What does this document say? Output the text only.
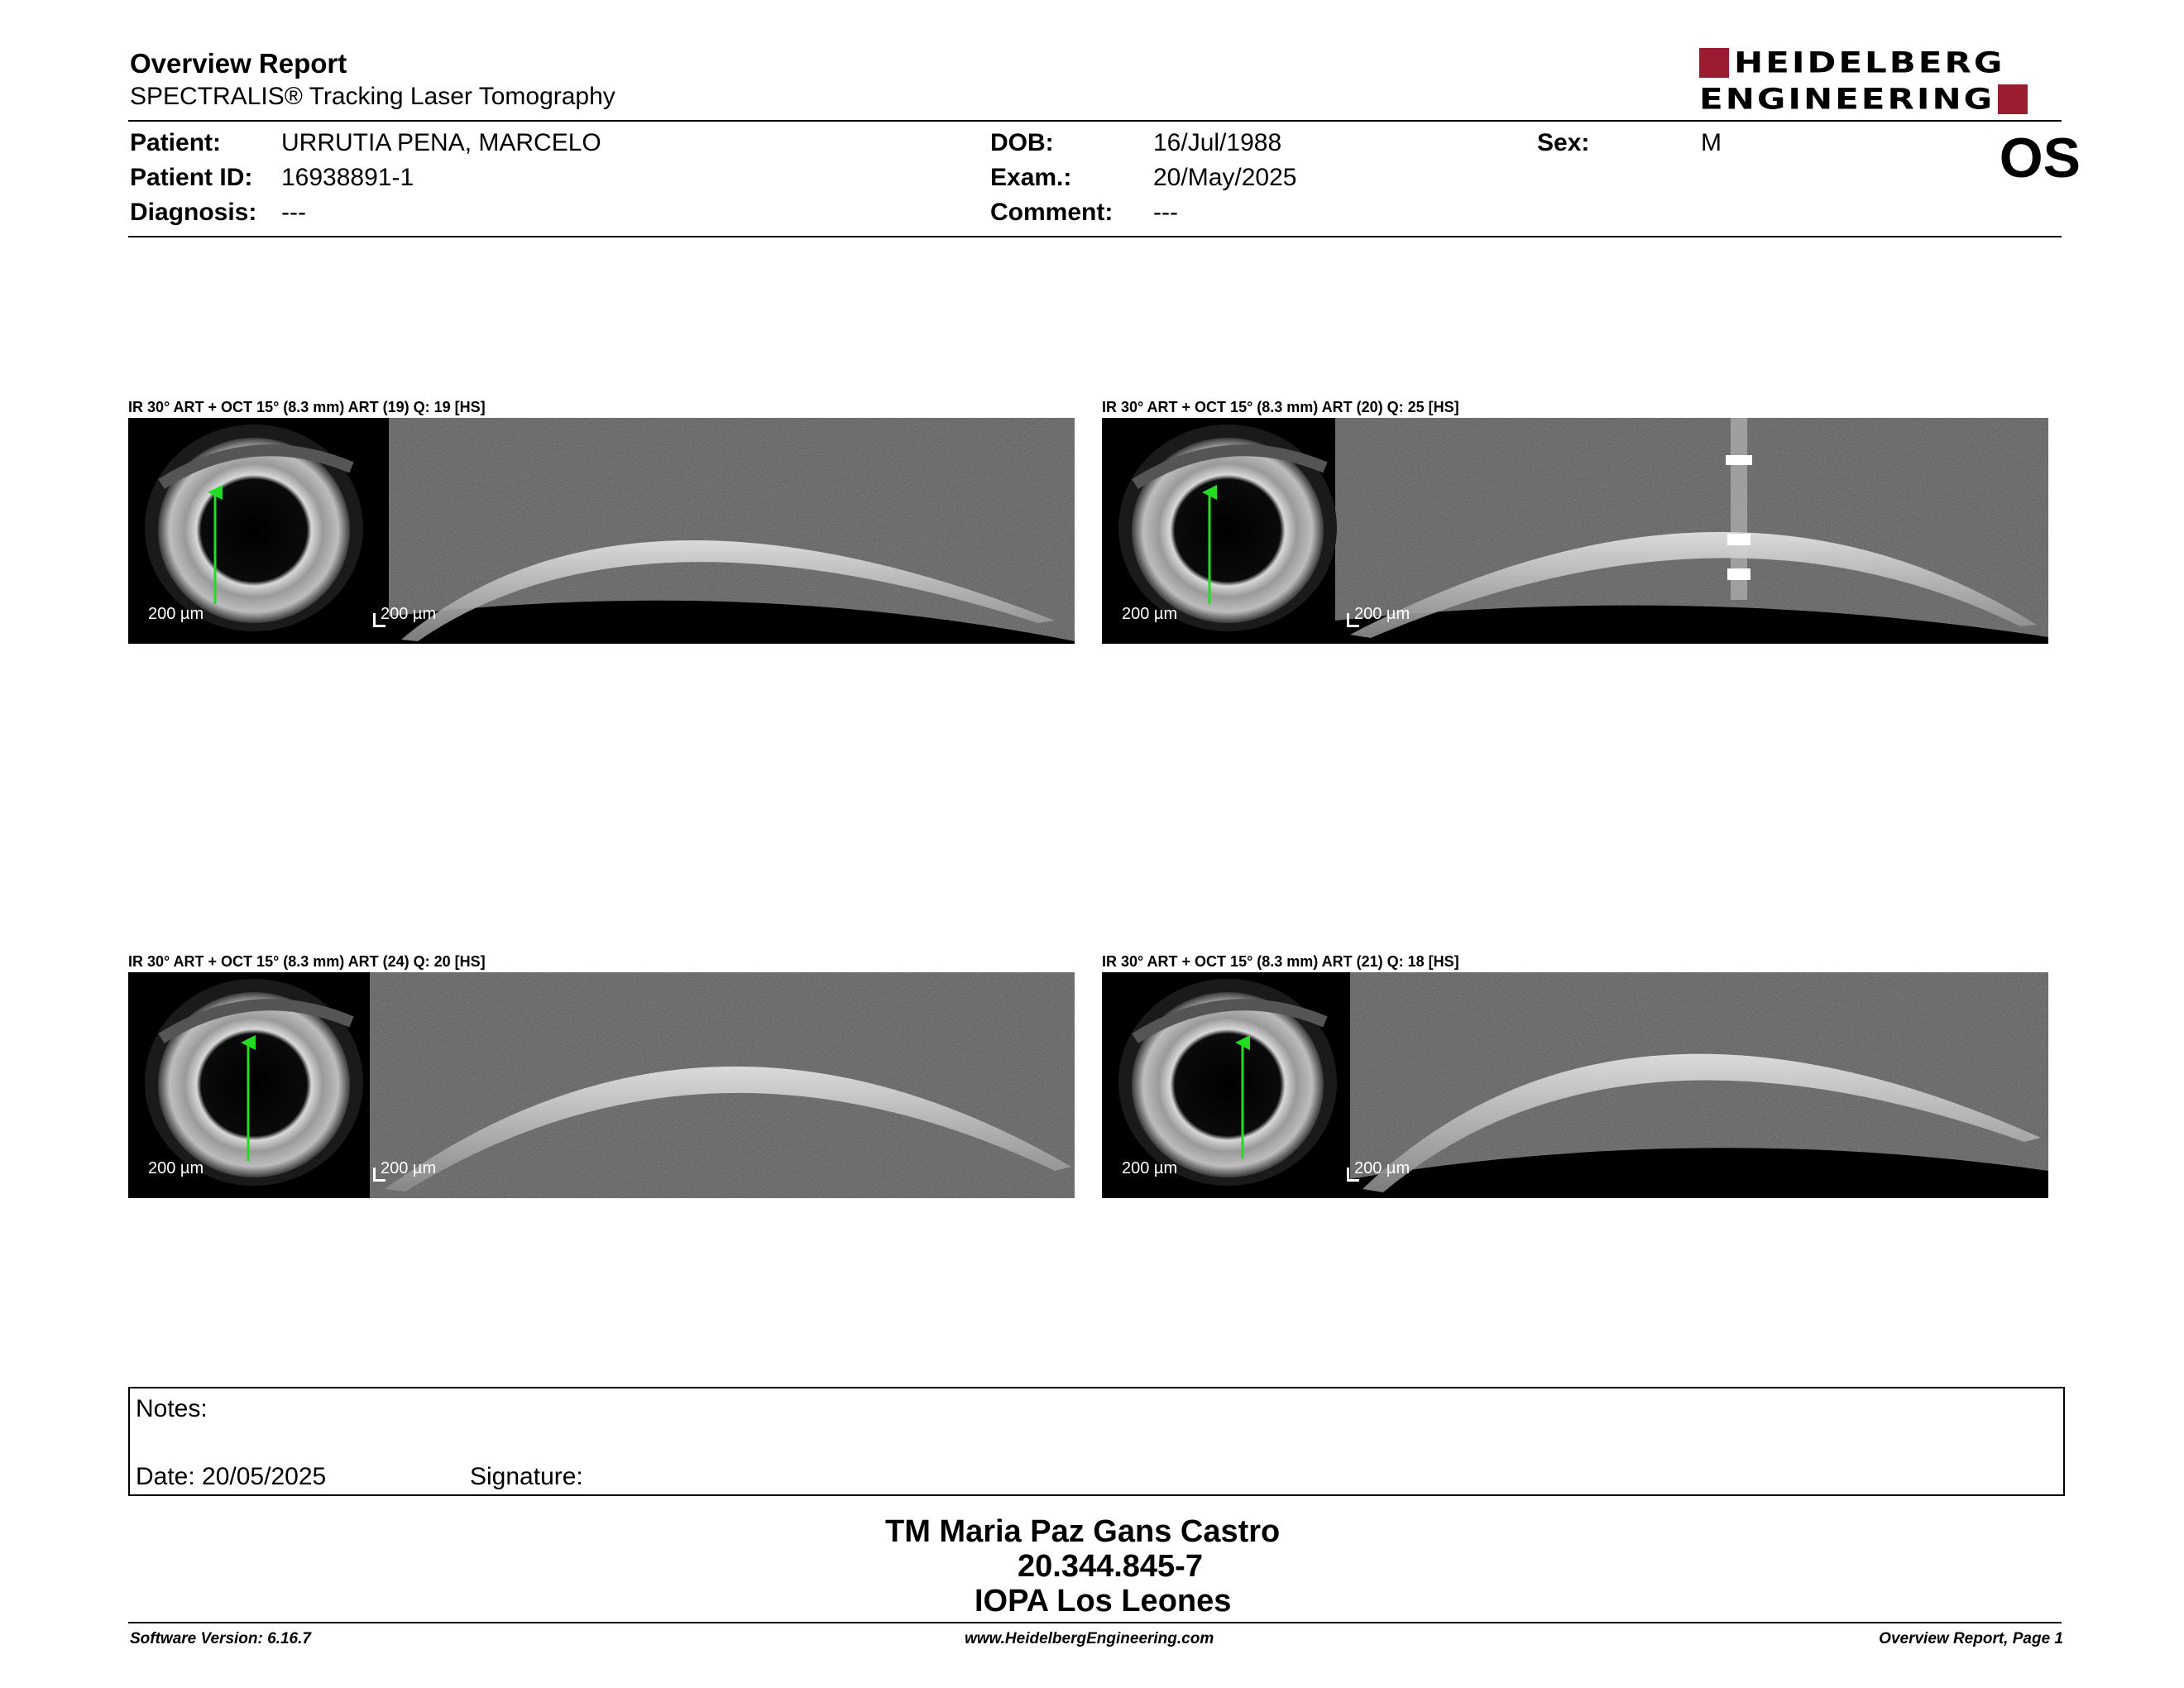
Overview Report
SPECTRALIS® Tracking Laser Tomography
HEIDELBERG
ENGINEERING
Patient: URRUTIA PENA, MARCELO
Patient ID: 16938891-1
Diagnosis: ---
DOB:	16/Jul/1988
Exam.:	20/May/2025
Comment: ---
Sex:	M	OS
IR 30° ART + OCT 15° (8.3 mm) ART (19) Q: 19 [HS]
200 µm	200 µm
IR 30° ART + OCT 15° (8.3 mm) ART (20) Q: 25 [HS]
200 µm	200 µm
IR 30° ART + OCT 15° (8.3 mm) ART (24) Q: 20 [HS]
200 µm	200 µm
IR 30° ART + OCT 15° (8.3 mm) ART (21) Q: 18 [HS]
200 µm	200 µm
Notes:
Date: 20/05/2025	Signature:
TM Maria Paz Gans Castro
20.344.845-7
IOPA Los Leones
Software Version: 6.16.7	www.HeidelbergEngineering.com	Overview Report, Page 1
